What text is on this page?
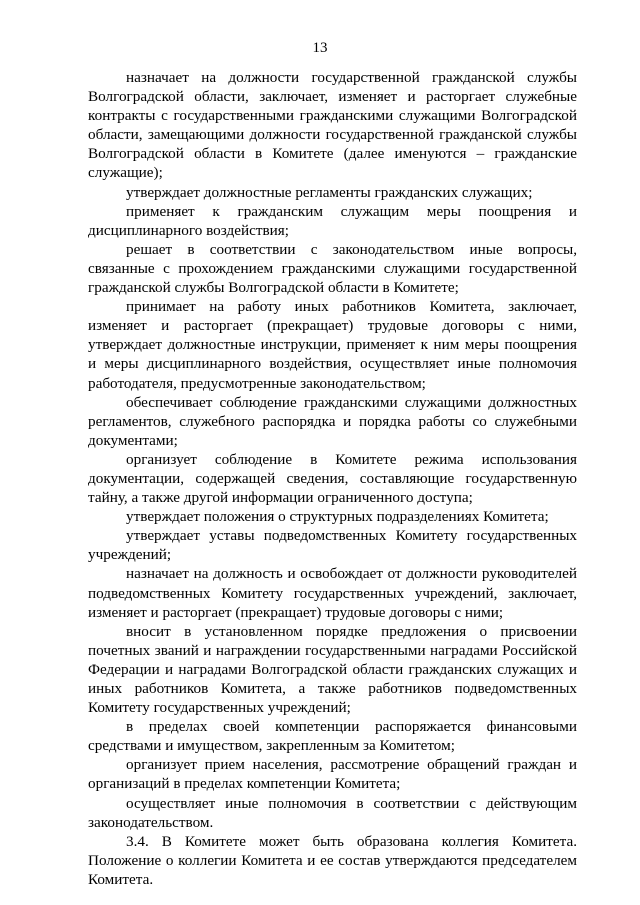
13

назначает на должности государственной гражданской службы Волгоградской области, заключает, изменяет и расторгает служебные контракты с государственными гражданскими служащими Волгоградской области, замещающими должности государственной гражданской службы Волгоградской области в Комитете (далее именуются – гражданские служащие);

утверждает должностные регламенты гражданских служащих;

применяет к гражданским служащим меры поощрения и дисциплинарного воздействия;

решает в соответствии с законодательством иные вопросы, связанные с прохождением гражданскими служащими государственной гражданской службы Волгоградской области в Комитете;

принимает на работу иных работников Комитета, заключает, изменяет и расторгает (прекращает) трудовые договоры с ними, утверждает должностные инструкции, применяет к ним меры поощрения и меры дисциплинарного воздействия, осуществляет иные полномочия работодателя, предусмотренные законодательством;

обеспечивает соблюдение гражданскими служащими должностных регламентов, служебного распорядка и порядка работы со служебными документами;

организует соблюдение в Комитете режима использования документации, содержащей сведения, составляющие государственную тайну, а также другой информации ограниченного доступа;

утверждает положения о структурных подразделениях Комитета;

утверждает уставы подведомственных Комитету государственных учреждений;

назначает на должность и освобождает от должности руководителей подведомственных Комитету государственных учреждений, заключает, изменяет и расторгает (прекращает) трудовые договоры с ними;

вносит в установленном порядке предложения о присвоении почетных званий и награждении государственными наградами Российской Федерации и наградами Волгоградской области гражданских служащих и иных работников Комитета, а также работников подведомственных Комитету государственных учреждений;

в пределах своей компетенции распоряжается финансовыми средствами и имуществом, закрепленным за Комитетом;

организует прием населения, рассмотрение обращений граждан и организаций в пределах компетенции Комитета;

осуществляет иные полномочия в соответствии с действующим законодательством.

3.4. В Комитете может быть образована коллегия Комитета. Положение о коллегии Комитета и ее состав утверждаются председателем Комитета.
